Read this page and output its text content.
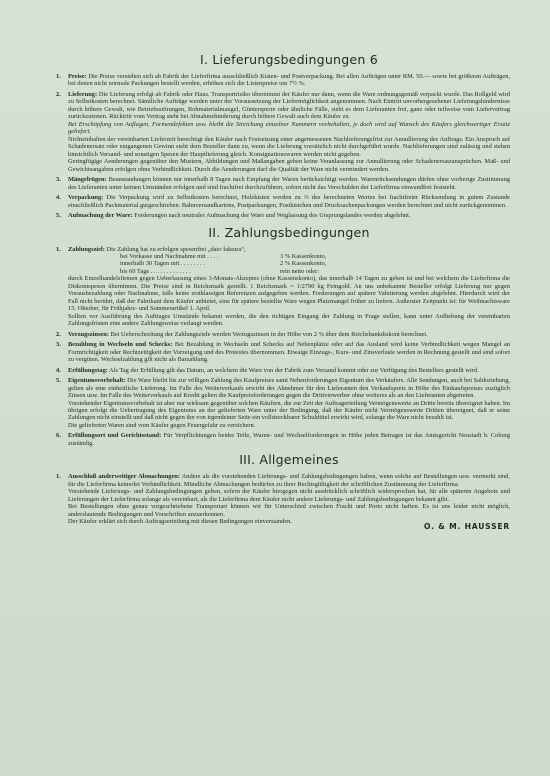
I. Lieferungsbedingungen 6
1. Preise: Die Preise verstehen sich ab Fabrik der Lieferfirma ausschließlich Kisten- und Postverpackung. Bei allen Aufträgen unter RM. 50.— sowie bei größeren Aufträgen, bei denen nicht normale Packungen bestellt werden, erhöhen sich die Listenpreise um 7½ %.

2. Lieferung: Die Lieferung erfolgt ab Fabrik oder Haus. Transportrisiko übernimmt der Käufer nur dann, wenn die Ware ordnungsgemäß verpackt wurde. Das Rollgeld wird zu Selbstkosten berechnet. Sämtliche Aufträge werden unter der Voraussetzung der Liefermöglichkeit angenommen. Nach Eintritt unvorhergesehener Lieferungshindernisse durch höhere Gewalt, wie Betriebsstörungen, Rohmaterialmangel, Güntersperre oder ähnliche Fälle, steht es dem Lieferanten frei, ganz oder teilweise vom Liefervertrag zurückzutreten. Rücktritt vom Vertrag steht bei Abnahmehinderung durch höhere Gewalt auch dem Käufer zu.

Bei Erschöpfung von Auflagen, Formendefekten usw. bleibt die Streichung einzelner Nummern vorbehalten, je doch wird auf Wunsch des Käufers gleichwertiger Ersatz geliefert.

Nichteinhalten der vereinbarten Lieferzeit berechtigt den Käufer nach Festsetzung einer angemessenen Nachlieferungsfrist zur Annullierung des Auftrags. Ein Anspruch auf Schadenersatz oder entgangenen Gewinn steht dem Besteller dann zu, wenn die Lieferung vorsätzlich nicht durchgeführt wurde. Nachlieferungen sind zulässig und stehen hinsichtlich Versand- und sonstigen Spesen der Hauptlieferung gleich. Konsignationswaren werden nicht gegeben.

Geringfügige Aenderungen gegenüber den Mustern, Abbildungen und Maßangaben geben keine Veranlassung zur Annullierung oder Schadenersatzansprüchen. Maß- und Gewichtsangaben erfolgen ohne Verbindlichkeit. Durch die Aenderungen darf die Qualität der Ware nicht vermindert werden.

3. Mängelrügen: Beanstandungen können nur innerhalb 8 Tagen nach Empfang der Waren berücksichtigt werden. Warenrücksendungen dürfen ohne vorherige Zustimmung des Lieferanten unter keinen Umständen erfolgen und sind frachtfrei durchzuführen, sofern nicht das Verschulden der Lieferfirma einwandfrei feststeht.

4. Verpackung: Die Verpackung wird zu Selbstkosten berechnet, Holzkisten werden zu ⅔ des berechneten Wertes bei frachtfreier Rücksendung in gutem Zustande einschließlich Packmaterial gutgeschrieben. Bahnversandkartons, Postpackungen, Postkistchen und Drucksachenpackungen werden berechnet und nicht zurückgenommen.

5. Aufmachung der Ware: Forderungen nach neutraler Aufmachung der Ware und Weglassung des Ursprungslandes werden abgelehnt.

II. Zahlungsbedingungen
1. Zahlungsziel: Die Zahlung hat zu erfolgen spesenfrei „dato faktura“,

bei Vorkasse und Nachnahme mit . . . .	3 % Kassenkonto,
innerhalb 30 Tagen mit . . . . . . . .	2 % Kassenkonto,
bis 60 Tage . . . . . . . . . . . . .	rein netto oder:

durch Einzelhandelsfirmen gegen Ueberlassung eines 3-Monats-Akzeptes (ohne Kassenskonto), das innerhalb 14 Tagen zu geben ist und bei welchem die Lieferfirma die Diskontspesen übernimmt. Die Preise sind in Reichsmark gestellt. 1 Reichsmark = 1/2790 kg Feingold. An uns unbekannte Besteller erfolgt Lieferung nur gegen Vorausbezahlung oder Nachnahme, falls keine erstklassigen Referenzen aufgegeben werden. Forderungen auf spätere Valutierung werden abgelehnt. Hierdurch wird der Fall nicht berührt, daß der Fabrikant dem Käufer anbietet, eine für spätere bestellte Ware wegen Platzmangel früher zu liefern. Außerster Zeitpunkt ist: für Weihnachtsware 15. Oktober, für Frühjahrs- und Sommerartikel 1. April.

Sollten vor Ausführung des Auftrages Umstände bekannt werden, die den richtigen Eingang der Zahlung in Frage stellen, kann unter Aufhebung der vereinbarten Zahlungsfristen eine andere Zahlungsweise verlangt werden.

2. Verzugszinsen: Bei Ueberschreitung der Zahlungsziele werden Verzugszinsen in der Höhe von 2 % über dem Reichsbankdiskont berechnet.

3. Bezahlung in Wechseln und Schecks: Bei Bezahlung in Wechseln und Schecks auf Nebenplätze oder auf das Ausland wird keine Verbindlichkeit wegen Mangel an Formrichtigkeit oder Rechtzeitigkeit der Vorzeigung und des Protestes übernommen. Etwaige Einzugs-, Kurs- und Zinsverluste werden in Rechnung gestellt und sind sofort zu vergüten. Wechselzahlung gilt nicht als Barzahlung.

4. Erfüllungstag: Als Tag der Erfüllung gilt das Datum, an welchem die Ware von der Fabrik zum Versand kommt oder zur Verfügung des Bestellers gestellt wird.

5. Eigentumsvorbehalt: Die Ware bleibt bis zur völligen Zahlung des Kaufpreises samt Nebenforderungen Eigentum des Verkäufers. Alle Sendungen, auch bei Saldoziehung, gelten als eine einheitliche Lieferung. Im Falle des Weiterverkaufs erwirbt der Abnehmer für den Lieferanten den Verkaufspreis in Höhe des Einkaufspreises zuzüglich Zinsen usw. Im Falle des Weiterverkaufs auf Kredit gelten die Kaufpreisforderungen gegen die Drittverwerber ohne weiteres als an den Lieferanten abgetreten.

Vorstehender Eigentumsvorbehalt ist aber nur wirksam gegenüber solchen Käufern, die zur Zeit der Auftragerteilung Vermögenswerte an Dritte bereits übereignet haben. Im übrigen erfolgt die Uebertragung des Eigentums an der gelieferten Ware unter der Bedingung, daß der Käufer nicht Vermögenswerte Dritten übereignet, daß er seine Zahlungen nicht einstellt und daß nicht gegen ihn von irgendeiner Seite ein vollstreckbarer Schuldtitel erwirkt wird, solange die Ware nicht bezahlt ist.

Die gelieferten Waren sind vom Käufer gegen Feuergefahr zu versichern.

6. Erfüllungsort und Gerichtsstand: Für Verpflichtungen beider Teile, Waren- und Wechselforderungen in Höhe jeden Betrages ist das Amtsgericht Neustadt b. Coburg zuständig.

III. Allgemeines
1. Ausschluß anderweitiger Abmachungen: Andere als die vorstehenden Lieferungs- und Zahlungsbedingungen haben, wenn solche auf Bestellungen usw. vermerkt sind, für die Lieferfirma keinerlei Verbindlichkeit. Mündliche Abmachungen bedürfen zu ihrer Rechtsgültigkeit der schriftlichen Zustimmung der Lieferfirma.

Vorstehende Lieferungs- und Zahlungsbedingungen gelten, sofern der Käufer hiergegen nicht ausdrücklich schriftlich widersprochen hat, für alle späteren Angebote und Lieferungen der Lieferfirma solange als vereinbart, als die Lieferfirma dem Käufer nicht andere Lieferungs- und Zahlungsbedingungen bekannt gibt.

Bei Bestellungen ohne genau vorgeschriebene Transportart können wir für Unterschied zwischen Fracht und Porto nicht haften. Es ist uns leider nicht möglich, anderslautende Bedingungen und Vorschriften anzuerkennen.

Der Käufer erklärt sich durch Auftragserteilung mit diesen Bedingungen einverstanden.

O. & M. HAUSSER
